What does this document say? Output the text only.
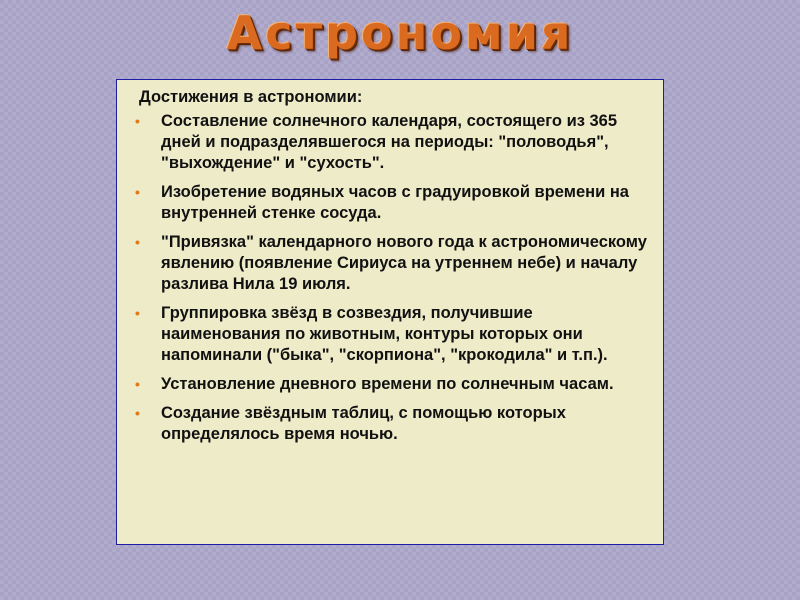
Астрономия
Достижения в астрономии:
• Составление солнечного календаря, состоящего из 365 дней и подразделявшегося на периоды: "половодья", "выхождение" и "сухость".
• Изобретение водяных часов с градуировкой времени на внутренней стенке сосуда.
• "Привязка" календарного нового года к астрономическому явлению (появление Сириуса на утреннем небе) и началу разлива Нила 19 июля.
• Группировка звёзд в созвездия, получившие наименования по животным, контуры которых они напоминали ("быка", "скорпиона", "крокодила" и т.п.).
• Установление дневного времени по солнечным часам.
• Создание звёздным таблиц, с помощью которых определялось время ночью.
